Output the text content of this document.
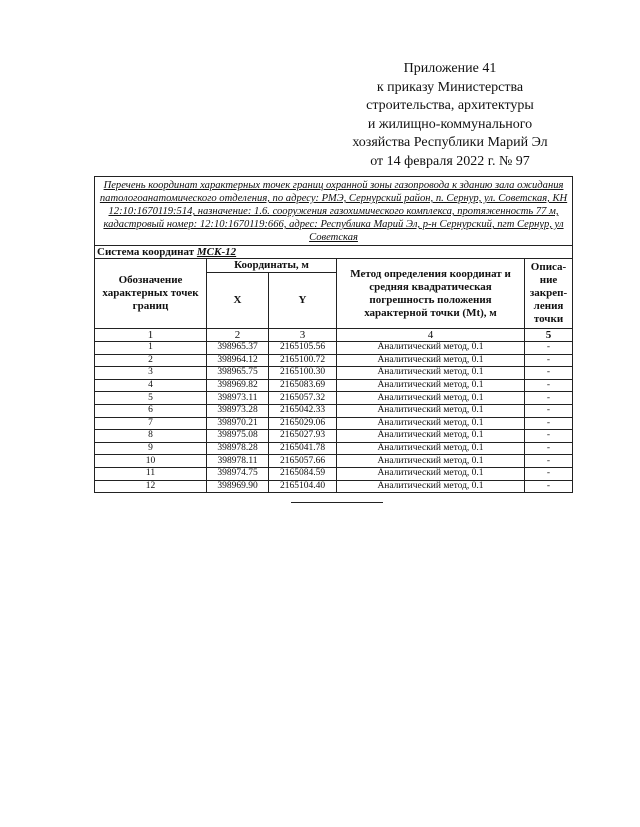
Приложение 41
к приказу Министерства
строительства, архитектуры
и жилищно-коммунального
хозяйства Республики Марий Эл
от 14 февраля 2022 г. № 97
Перечень координат характерных точек границ охранной зоны газопровода к зданию зала ожидания патологоанатомического отделения, по адресу: РМЭ, Сернурский район, п. Сернур, ул. Советская, КН 12:10:1670119:514, назначение: 1.6. сооружения газохимического комплекса, протяженность 77 м, кадастровый номер: 12:10:1670119:666, адрес: Республика Марий Эл, р-н Сернурский, пгт Сернур, ул Советская				
Система координат МСК-12				
Обозначение характерных точек границ	Координаты, м		Метод определения координат и средняя квадратическая погрешность положения характерной точки (Mt), м	Описа-ние закреп-ления точки
	X	Y		
1	2	3	4	5
1	398965.37	2165105.56	Аналитический метод, 0.1	-
2	398964.12	2165100.72	Аналитический метод, 0.1	-
3	398965.75	2165100.30	Аналитический метод, 0.1	-
4	398969.82	2165083.69	Аналитический метод, 0.1	-
5	398973.11	2165057.32	Аналитический метод, 0.1	-
6	398973.28	2165042.33	Аналитический метод, 0.1	-
7	398970.21	2165029.06	Аналитический метод, 0.1	-
8	398975.08	2165027.93	Аналитический метод, 0.1	-
9	398978.28	2165041.78	Аналитический метод, 0.1	-
10	398978.11	2165057.66	Аналитический метод, 0.1	-
11	398974.75	2165084.59	Аналитический метод, 0.1	-
12	398969.90	2165104.40	Аналитический метод, 0.1	-
